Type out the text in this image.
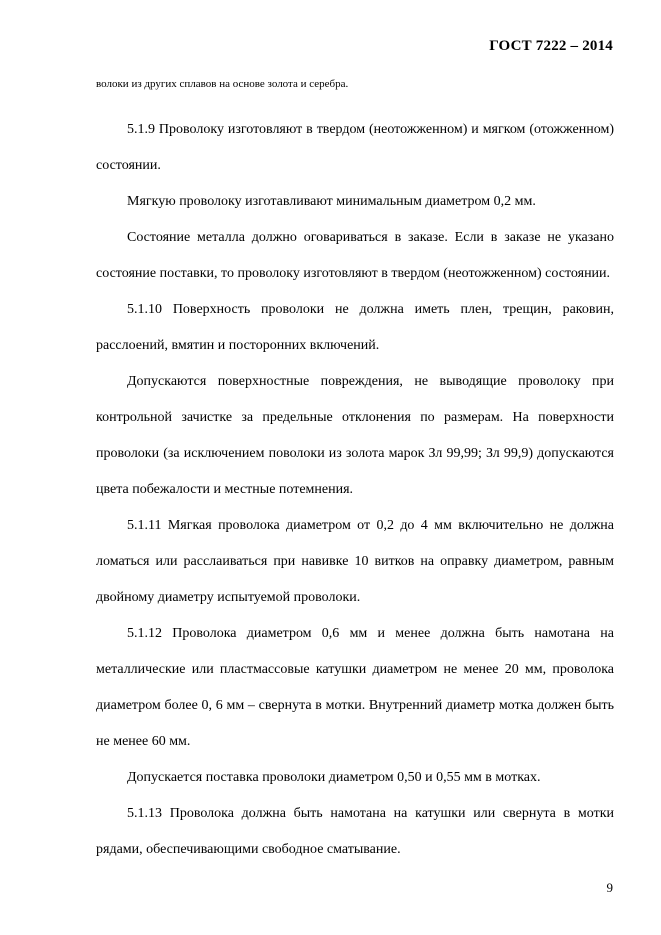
ГОСТ 7222 – 2014

волоки из других сплавов на основе золота и серебра.

5.1.9 Проволоку изготовляют в твердом (неотожженном) и мягком (отожженном) состоянии.

Мягкую проволоку изготавливают минимальным диаметром 0,2 мм.

Состояние металла должно оговариваться в заказе. Если в заказе не указано состояние поставки, то проволоку изготовляют в твердом (неотожженном) состоянии.

5.1.10 Поверхность проволоки не должна иметь плен, трещин, раковин, расслоений, вмятин и посторонних включений.

Допускаются поверхностные повреждения, не выводящие проволоку при контрольной зачистке за предельные отклонения по размерам. На поверхности проволоки (за исключением поволоки из золота марок Зл 99,99; Зл 99,9) допускаются цвета побежалости и местные потемнения.

5.1.11 Мягкая проволока диаметром от 0,2 до 4 мм включительно не должна ломаться или расслаиваться при навивке 10 витков на оправку диаметром, равным двойному диаметру испытуемой проволоки.

5.1.12 Проволока диаметром 0,6 мм и менее должна быть намотана на металлические или пластмассовые катушки диаметром не менее 20 мм, проволока диаметром более 0, 6 мм – свернута в мотки. Внутренний диаметр мотка должен быть не менее 60 мм.

Допускается поставка проволоки диаметром 0,50 и 0,55 мм в мотках.

5.1.13 Проволока должна быть намотана на катушки или свернута в мотки рядами, обеспечивающими свободное сматывание.

9
